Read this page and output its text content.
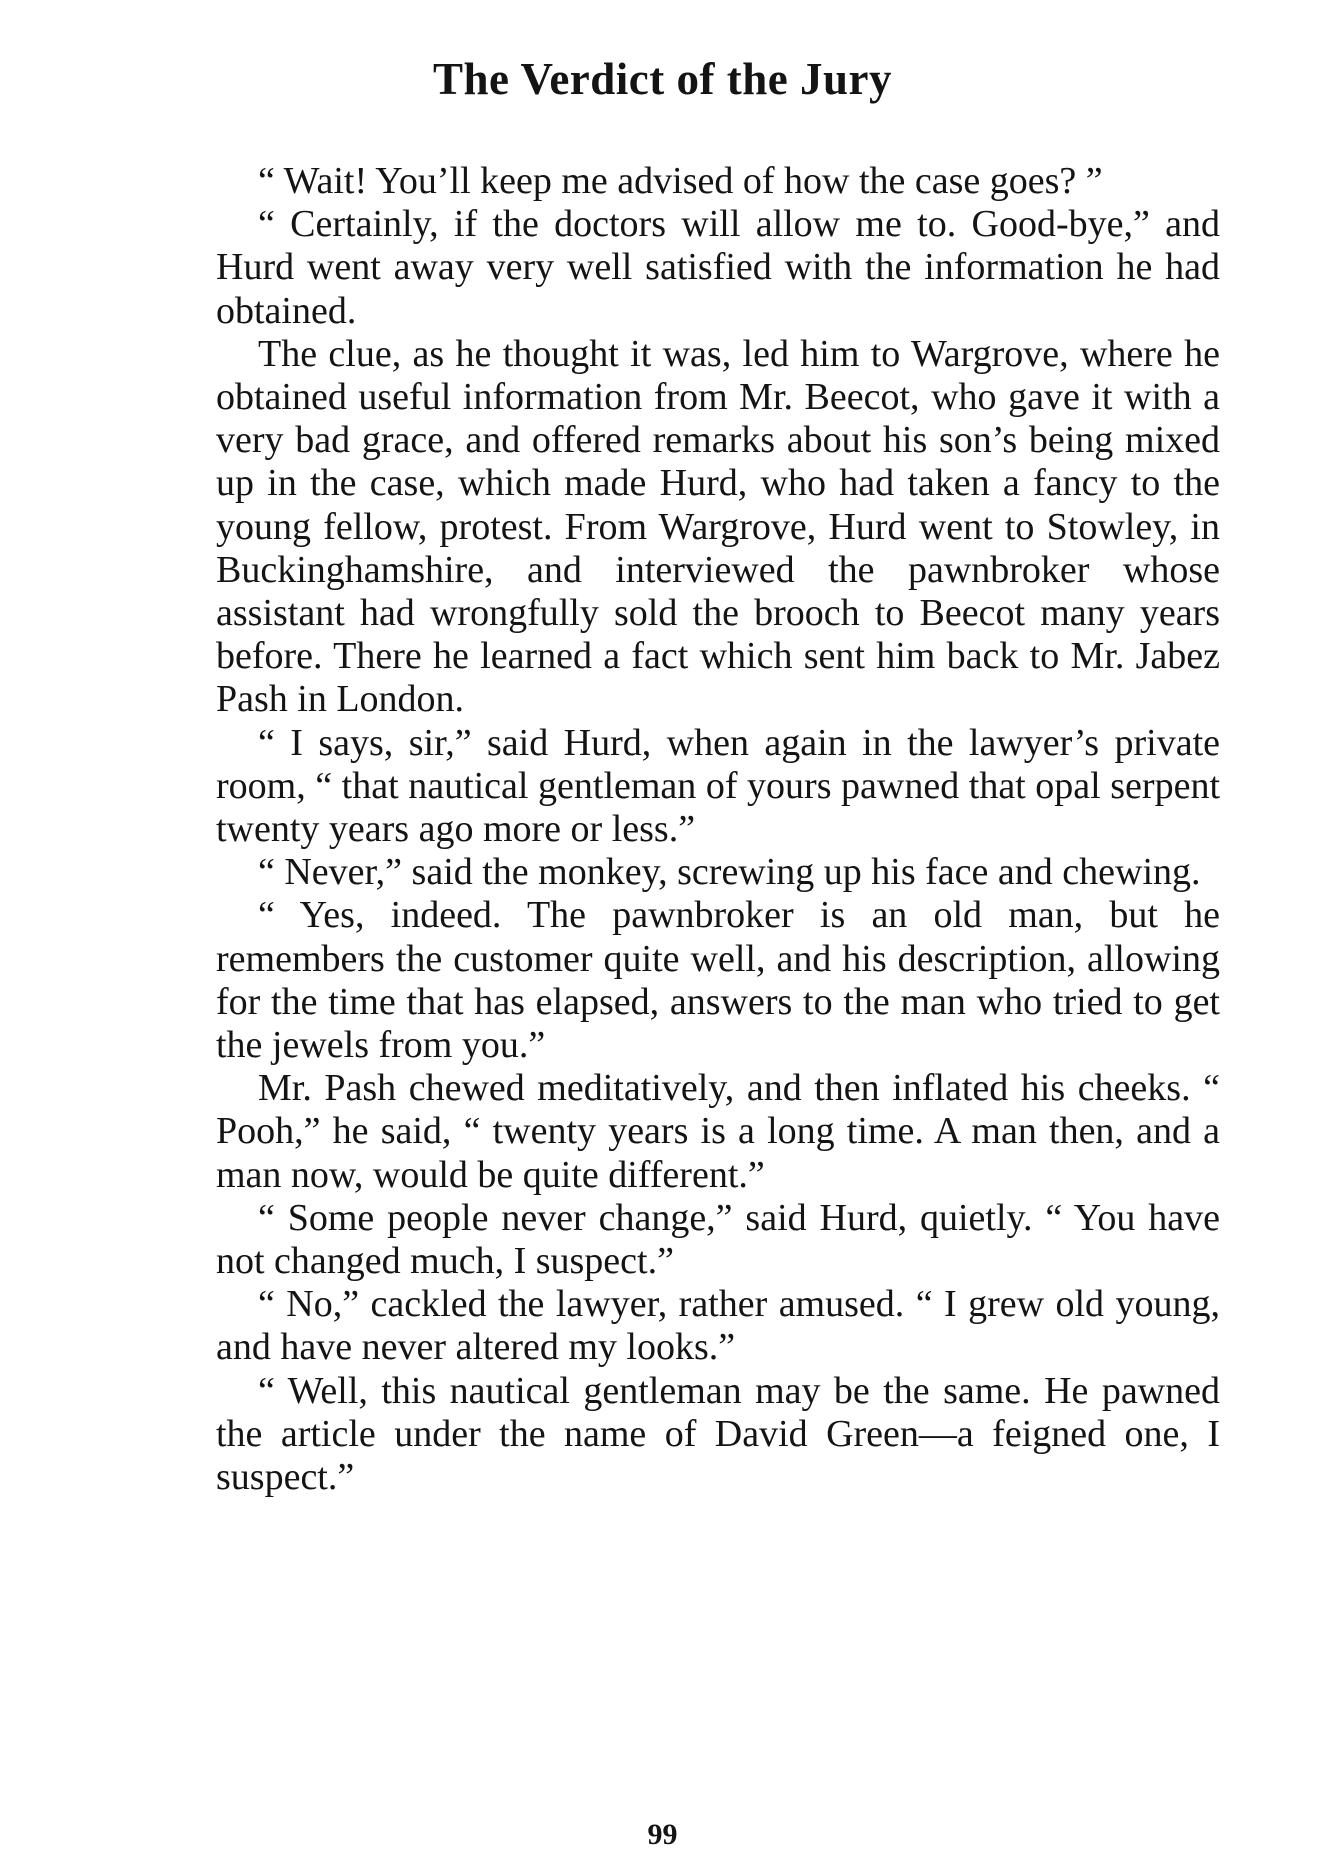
The Verdict of the Jury

“ Wait! You’ll keep me advised of how the case goes? ”

“ Certainly, if the doctors will allow me to. Good-bye,” and Hurd went away very well satisfied with the information he had obtained.

The clue, as he thought it was, led him to Wargrove, where he obtained useful information from Mr. Beecot, who gave it with a very bad grace, and offered remarks about his son’s being mixed up in the case, which made Hurd, who had taken a fancy to the young fellow, protest. From Wargrove, Hurd went to Stowley, in Buckinghamshire, and interviewed the pawnbroker whose assistant had wrongfully sold the brooch to Beecot many years before. There he learned a fact which sent him back to Mr. Jabez Pash in London.

“ I says, sir,” said Hurd, when again in the lawyer’s private room, “ that nautical gentleman of yours pawned that opal serpent twenty years ago more or less.”

“ Never,” said the monkey, screwing up his face and chewing.

“ Yes, indeed. The pawnbroker is an old man, but he remembers the customer quite well, and his description, allowing for the time that has elapsed, answers to the man who tried to get the jewels from you.”

Mr. Pash chewed meditatively, and then inflated his cheeks. “ Pooh,” he said, “ twenty years is a long time. A man then, and a man now, would be quite different.”

“ Some people never change,” said Hurd, quietly. “ You have not changed much, I suspect.”

“ No,” cackled the lawyer, rather amused. “ I grew old young, and have never altered my looks.”

“ Well, this nautical gentleman may be the same. He pawned the article under the name of David Green—a feigned one, I suspect.”

99
